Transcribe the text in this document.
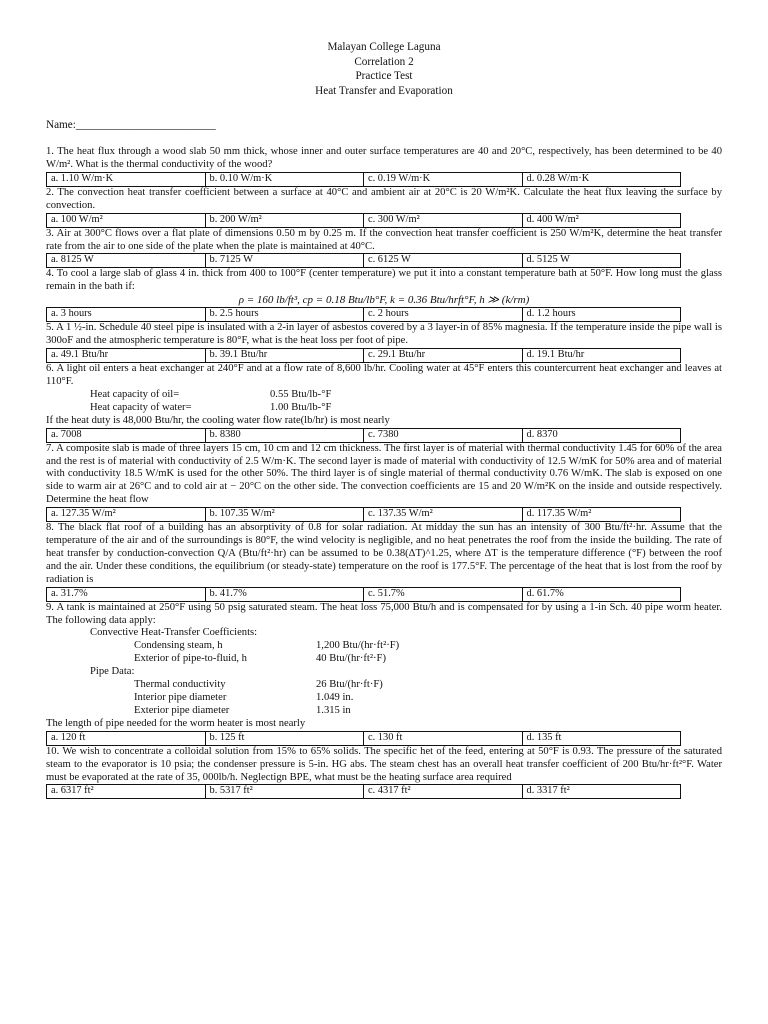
Malayan College Laguna
Correlation 2
Practice Test
Heat Transfer and Evaporation
Name:_________________________
1. The heat flux through a wood slab 50 mm thick, whose inner and outer surface temperatures are 40 and 20°C, respectively, has been determined to be 40 W/m². What is the thermal conductivity of the wood?
a. 1.10 W/m·K	b. 0.10 W/m·K	c. 0.19 W/m·K	d. 0.28 W/m·K
2. The convection heat transfer coefficient between a surface at 40°C and ambient air at 20°C is 20 W/m²K. Calculate the heat flux leaving the surface by convection.
a. 100 W/m²	b. 200 W/m²	c. 300 W/m²	d. 400 W/m²
3. Air at 300°C flows over a flat plate of dimensions 0.50 m by 0.25 m. If the convection heat transfer coefficient is 250 W/m²K, determine the heat transfer rate from the air to one side of the plate when the plate is maintained at 40°C.
a. 8125 W	b. 7125 W	c. 6125 W	d. 5125 W
4. To cool a large slab of glass 4 in. thick from 400 to 100°F (center temperature) we put it into a constant temperature bath at 50°F. How long must the glass remain in the bath if:
ρ = 160 lb/ft³, cp = 0.18 Btu/lb°F, k = 0.36 Btu/hrft°F, h ≫ (k/rm)
a. 3 hours	b. 2.5 hours	c. 2 hours	d. 1.2 hours
5. A 1 ½-in. Schedule 40 steel pipe is insulated with a 2-in layer of asbestos covered by a 3 layer-in of 85% magnesia. If the temperature inside the pipe wall is 300oF and the atmospheric temperature is 80°F, what is the heat loss per foot of pipe.
a. 49.1 Btu/hr	b. 39.1 Btu/hr	c. 29.1 Btu/hr	d. 19.1 Btu/hr
6. A light oil enters a heat exchanger at 240°F and at a flow rate of 8,600 lb/hr. Cooling water at 45°F enters this countercurrent heat exchanger and leaves at 110°F.
Heat capacity of oil=	0.55 Btu/lb-°F
Heat capacity of water=	1.00 Btu/lb-°F
If the heat duty is 48,000 Btu/hr, the cooling water flow rate(lb/hr) is most nearly
a. 7008	b. 8380	c. 7380	d. 8370
7. A composite slab is made of three layers 15 cm, 10 cm and 12 cm thickness. The first layer is of material with thermal conductivity 1.45 for 60% of the area and the rest is of material with conductivity of 2.5 W/m·K. The second layer is made of material with conductivity of 12.5 W/mK for 50% area and of material with conductivity 18.5 W/mK is used for the other 50%. The third layer is of single material of thermal conductivity 0.76 W/mK. The slab is exposed on one side to warm air at 26°C and to cold air at − 20°C on the other side. The convection coefficients are 15 and 20 W/m²K on the inside and outside respectively. Determine the heat flow
a. 127.35 W/m²	b. 107.35 W/m²	c. 137.35 W/m²	d. 117.35 W/m²
8. The black flat roof of a building has an absorptivity of 0.8 for solar radiation. At midday the sun has an intensity of 300 Btu/ft²·hr. Assume that the temperature of the air and of the surroundings is 80°F, the wind velocity is negligible, and no heat penetrates the roof from the inside the building. The rate of heat transfer by conduction-convection Q/A (Btu/ft²·hr) can be assumed to be 0.38(ΔT)^1.25, where ΔT is the temperature difference (°F) between the roof and the air. Under these conditions, the equilibrium (or steady-state) temperature on the roof is 177.5°F. The percentage of the heat that is lost from the roof by radiation is
a. 31.7%	b. 41.7%	c. 51.7%	d. 61.7%
9. A tank is maintained at 250°F using 50 psig saturated steam. The heat loss 75,000 Btu/h and is compensated for by using a 1-in Sch. 40 pipe worm heater. The following data apply:
Convective Heat-Transfer Coefficients:
Condensing steam, h	1,200 Btu/(hr·ft²·F)
Exterior of pipe-to-fluid, h	40 Btu/(hr·ft²·F)
Pipe Data:
Thermal conductivity	26 Btu/(hr·ft·F)
Interior pipe diameter	1.049 in.
Exterior pipe diameter	1.315 in
The length of pipe needed for the worm heater is most nearly
a. 120 ft	b. 125 ft	c. 130 ft	d. 135 ft
10. We wish to concentrate a colloidal solution from 15% to 65% solids. The specific het of the feed, entering at 50°F is 0.93. The pressure of the saturated steam to the evaporator is 10 psia; the condenser pressure is 5-in. HG abs. The steam chest has an overall heat transfer coefficient of 200 Btu/hr·ft²°F. Water must be evaporated at the rate of 35, 000lb/h. Neglectign BPE, what must be the heating surface area required
a. 6317 ft²	b. 5317 ft²	c. 4317 ft²	d. 3317 ft²
